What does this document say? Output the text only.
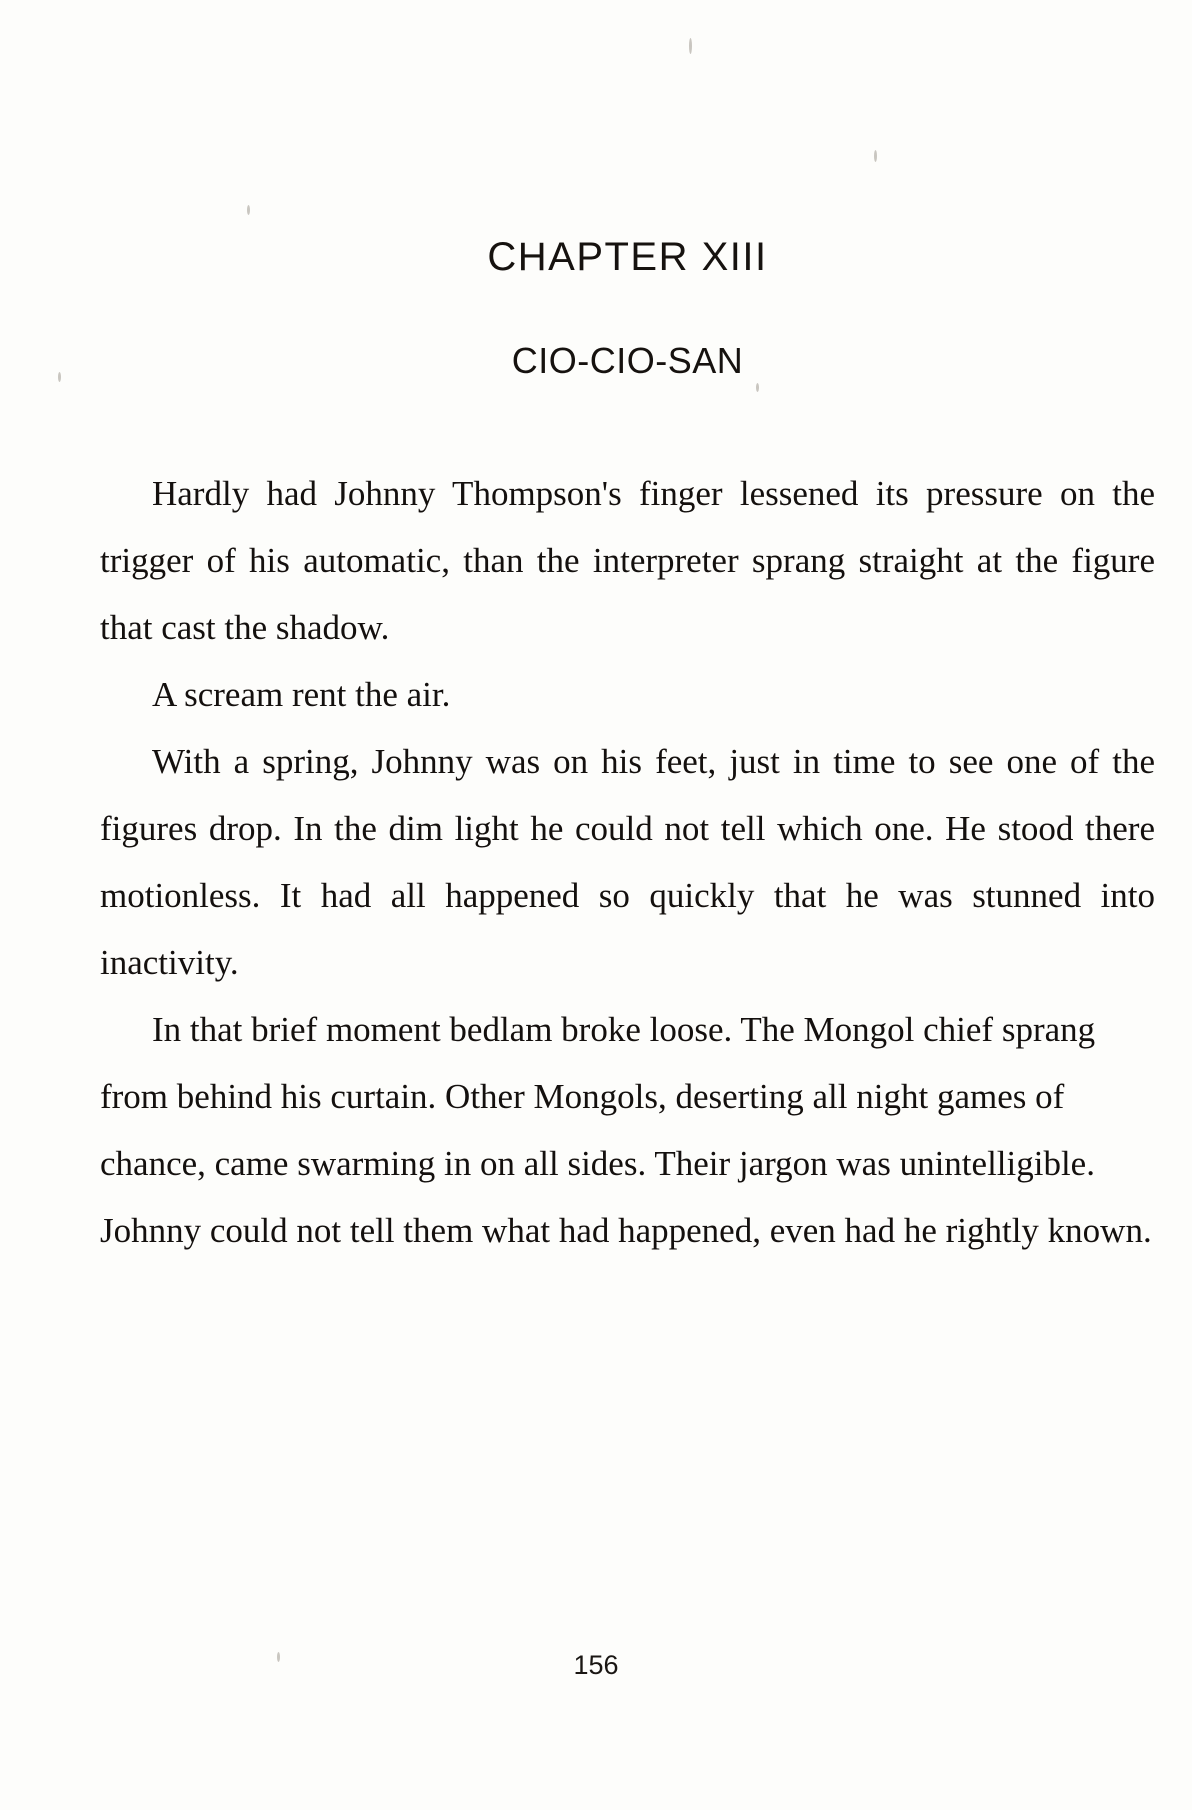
CHAPTER XIII
CIO-CIO-SAN

Hardly had Johnny Thompson's finger lessened its pressure on the trigger of his automatic, than the interpreter sprang straight at the figure that cast the shadow.

A scream rent the air.

With a spring, Johnny was on his feet, just in time to see one of the figures drop. In the dim light he could not tell which one. He stood there motionless. It had all happened so quickly that he was stunned into inactivity.

In that brief moment bedlam broke loose. The Mongol chief sprang from behind his curtain. Other Mongols, deserting all night games of chance, came swarming in on all sides. Their jargon was unintelligible. Johnny could not tell them what had happened, even had he rightly known.

156
